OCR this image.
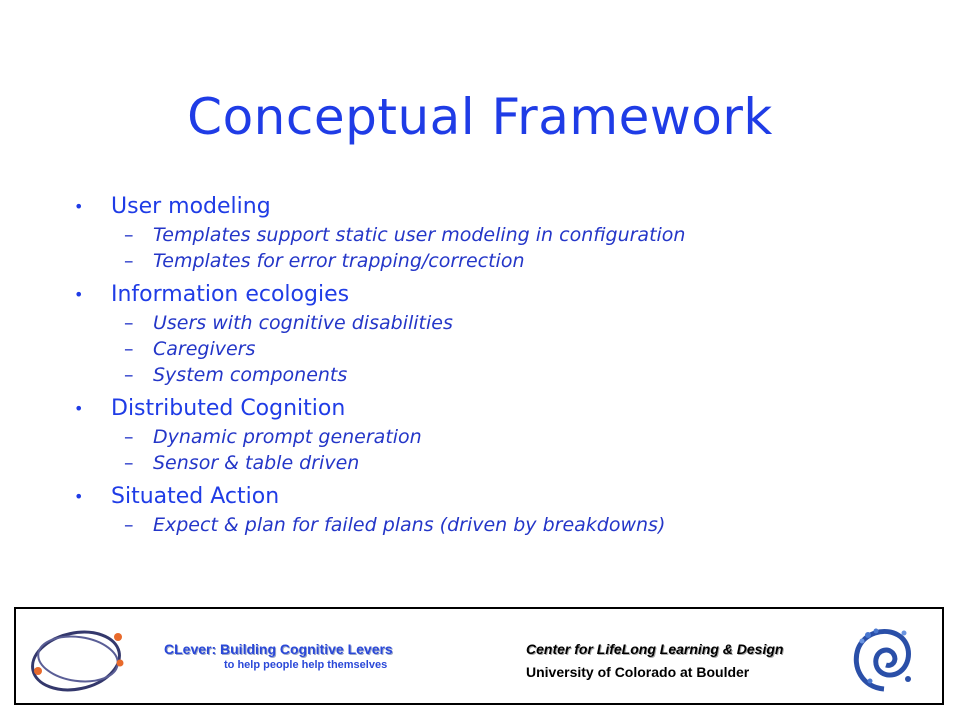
Conceptual Framework
• User modeling
– Templates support static user modeling in configuration
– Templates for error trapping/correction
• Information ecologies
– Users with cognitive disabilities
– Caregivers
– System components
• Distributed Cognition
– Dynamic prompt generation
– Sensor & table driven
• Situated Action
– Expect & plan for failed plans (driven by breakdowns)
CLever: Building Cognitive Levers
to help people help themselves
Center for LifeLong Learning & Design
University of Colorado at Boulder
